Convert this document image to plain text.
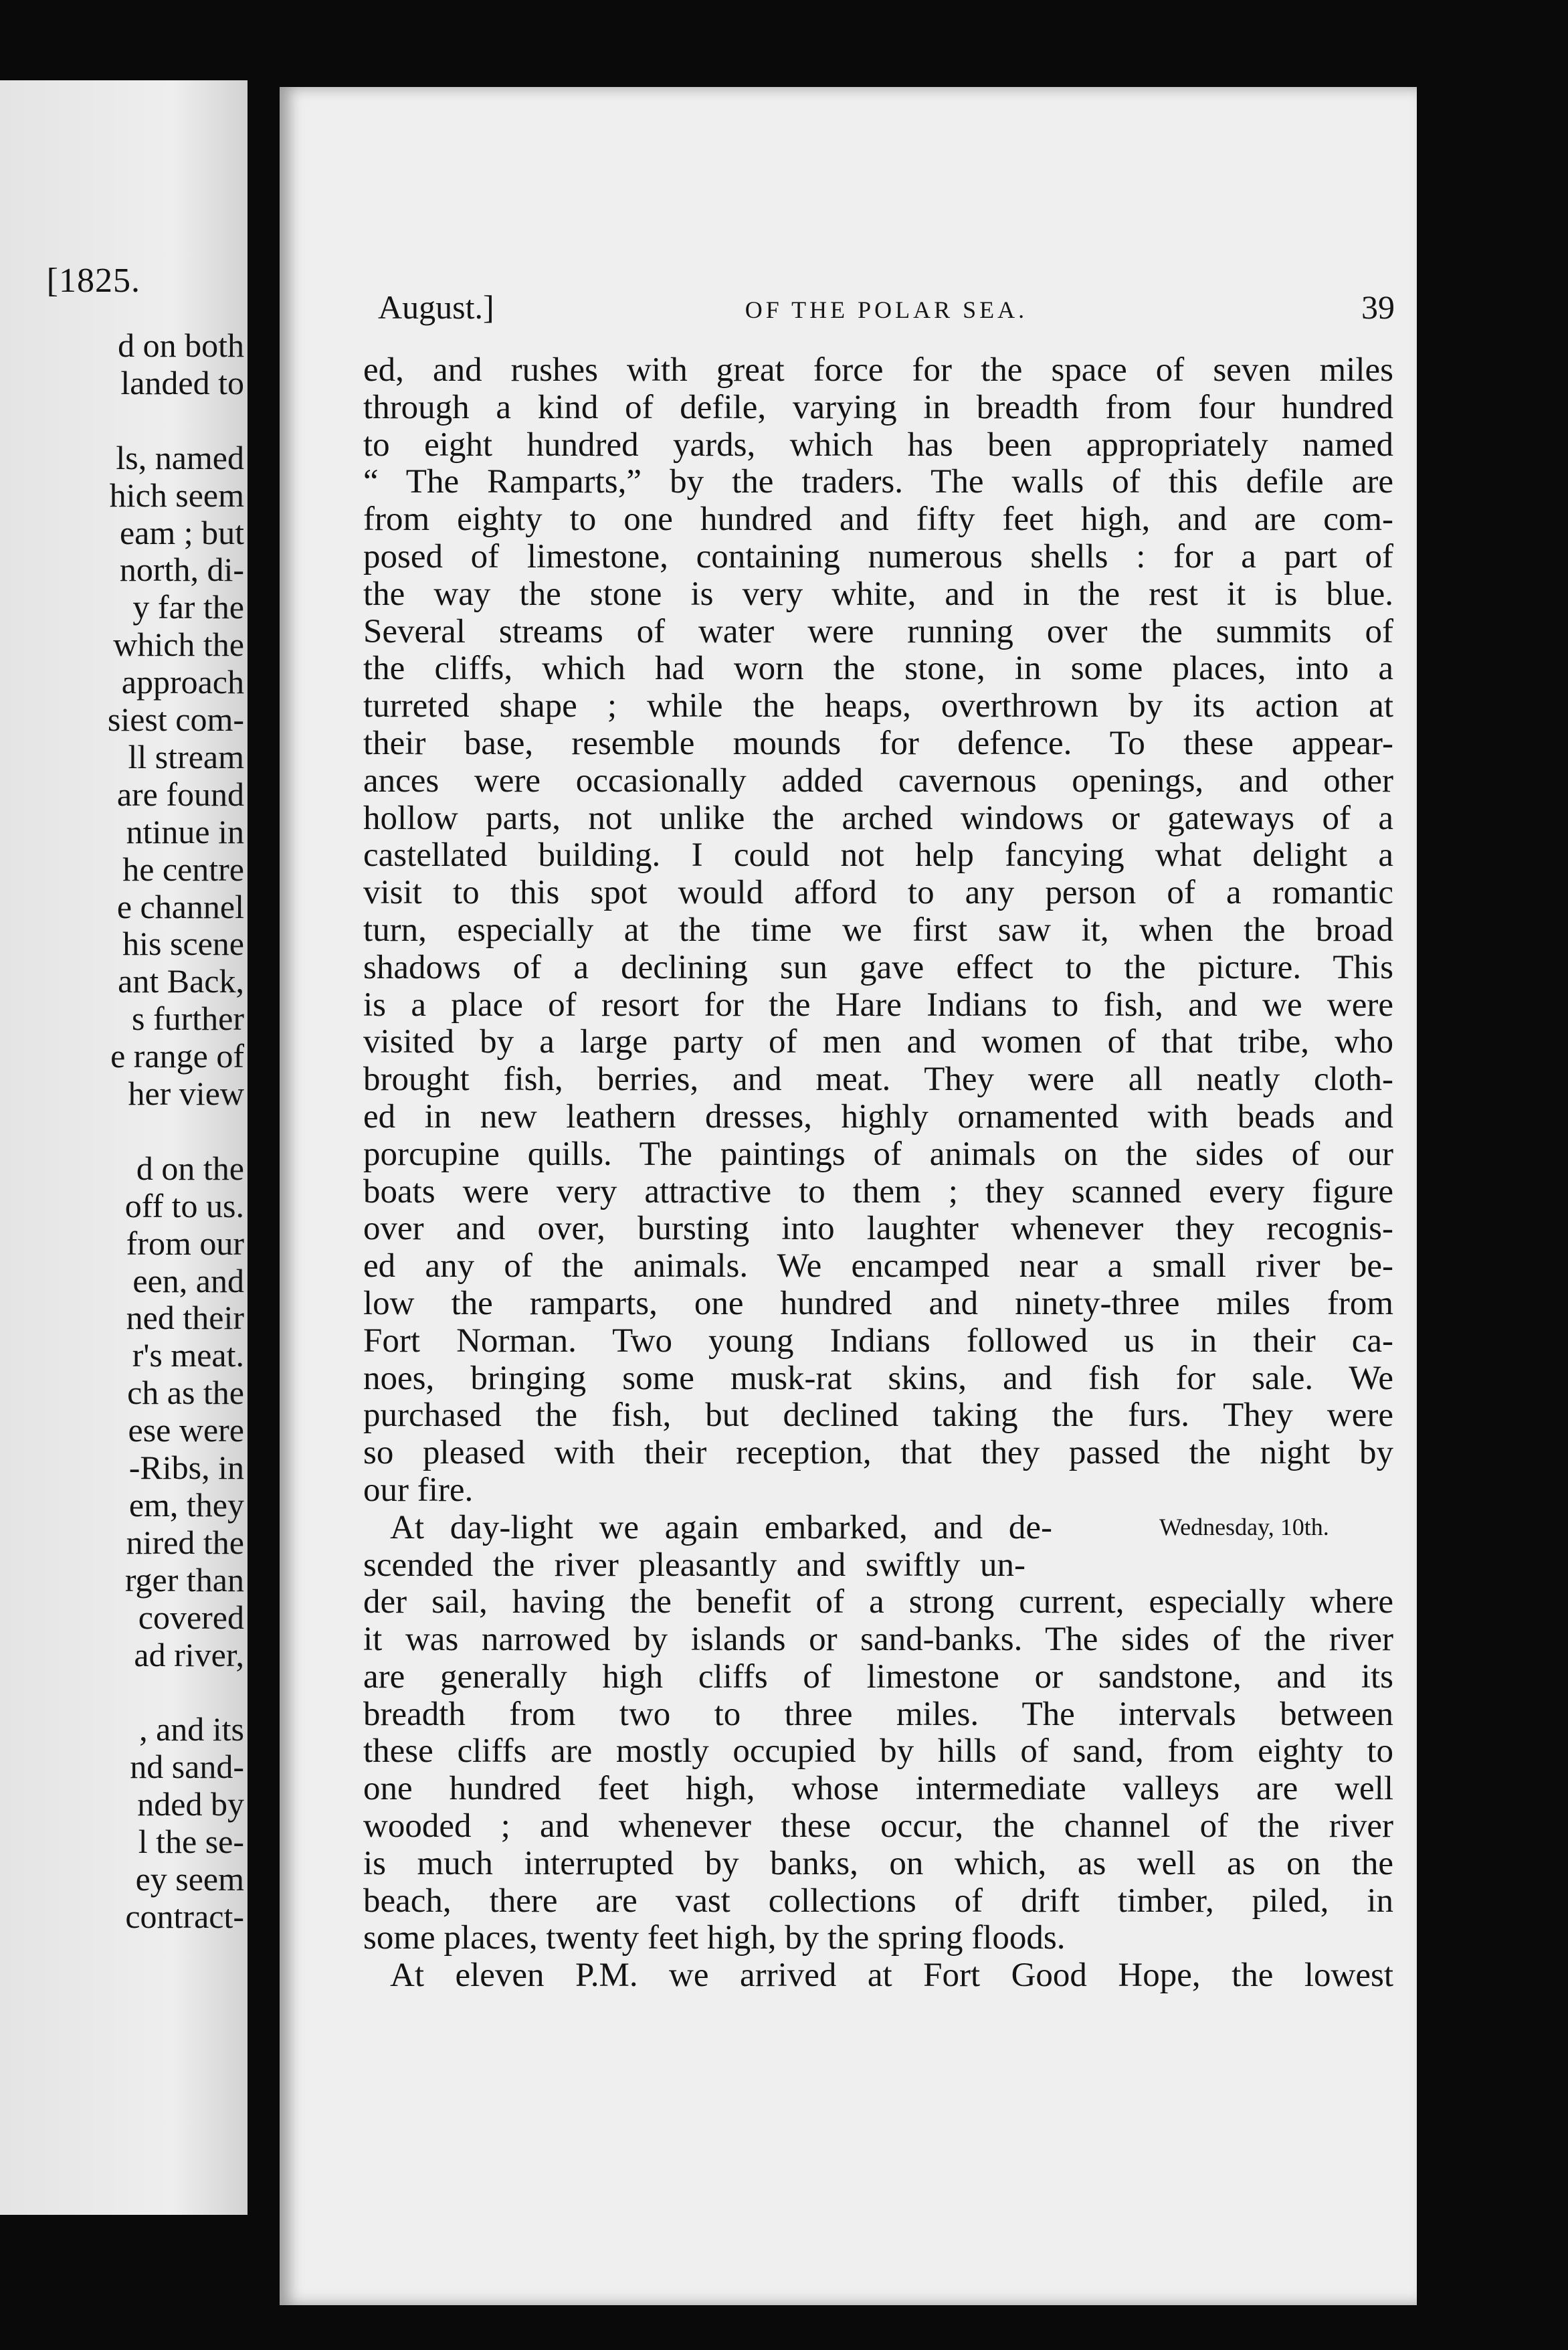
[1825.
d on both
landed to
ls, named
hich seem
eam ; but
north, di-
y far the
which the
approach
siest com-
ll stream
are found
ntinue in
he centre
e channel
his scene
ant Back,
s further
e range of
her view
d on the
off to us.
from our
een, and
ned their
r's meat.
ch as the
ese were
-Ribs, in
em, they
nired the
rger than
covered
ad river,
, and its
nd sand-
nded by
l the se-
ey seem
contract-
August.]	OF THE POLAR SEA.	39
ed, and rushes with great force for the space of seven miles
through a kind of defile, varying in breadth from four hundred
to eight hundred yards, which has been appropriately named
“ The Ramparts,” by the traders. The walls of this defile are
from eighty to one hundred and fifty feet high, and are com-
posed of limestone, containing numerous shells : for a part of
the way the stone is very white, and in the rest it is blue.
Several streams of water were running over the summits of
the cliffs, which had worn the stone, in some places, into a
turreted shape ; while the heaps, overthrown by its action at
their base, resemble mounds for defence. To these appear-
ances were occasionally added cavernous openings, and other
hollow parts, not unlike the arched windows or gateways of a
castellated building. I could not help fancying what delight a
visit to this spot would afford to any person of a romantic
turn, especially at the time we first saw it, when the broad
shadows of a declining sun gave effect to the picture. This
is a place of resort for the Hare Indians to fish, and we were
visited by a large party of men and women of that tribe, who
brought fish, berries, and meat. They were all neatly cloth-
ed in new leathern dresses, highly ornamented with beads and
porcupine quills. The paintings of animals on the sides of our
boats were very attractive to them ; they scanned every figure
over and over, bursting into laughter whenever they recognis-
ed any of the animals. We encamped near a small river be-
low the ramparts, one hundred and ninety-three miles from
Fort Norman. Two young Indians followed us in their ca-
noes, bringing some musk-rat skins, and fish for sale. We
purchased the fish, but declined taking the furs. They were
so pleased with their reception, that they passed the night by
our fire.
At day-light we again embarked, and de-
scended the river pleasantly and swiftly un-
Wednesday, 10th.
der sail, having the benefit of a strong current, especially where
it was narrowed by islands or sand-banks. The sides of the river
are generally high cliffs of limestone or sandstone, and its
breadth from two to three miles. The intervals between
these cliffs are mostly occupied by hills of sand, from eighty to
one hundred feet high, whose intermediate valleys are well
wooded ; and whenever these occur, the channel of the river
is much interrupted by banks, on which, as well as on the
beach, there are vast collections of drift timber, piled, in
some places, twenty feet high, by the spring floods.
At eleven P.M. we arrived at Fort Good Hope, the lowest
